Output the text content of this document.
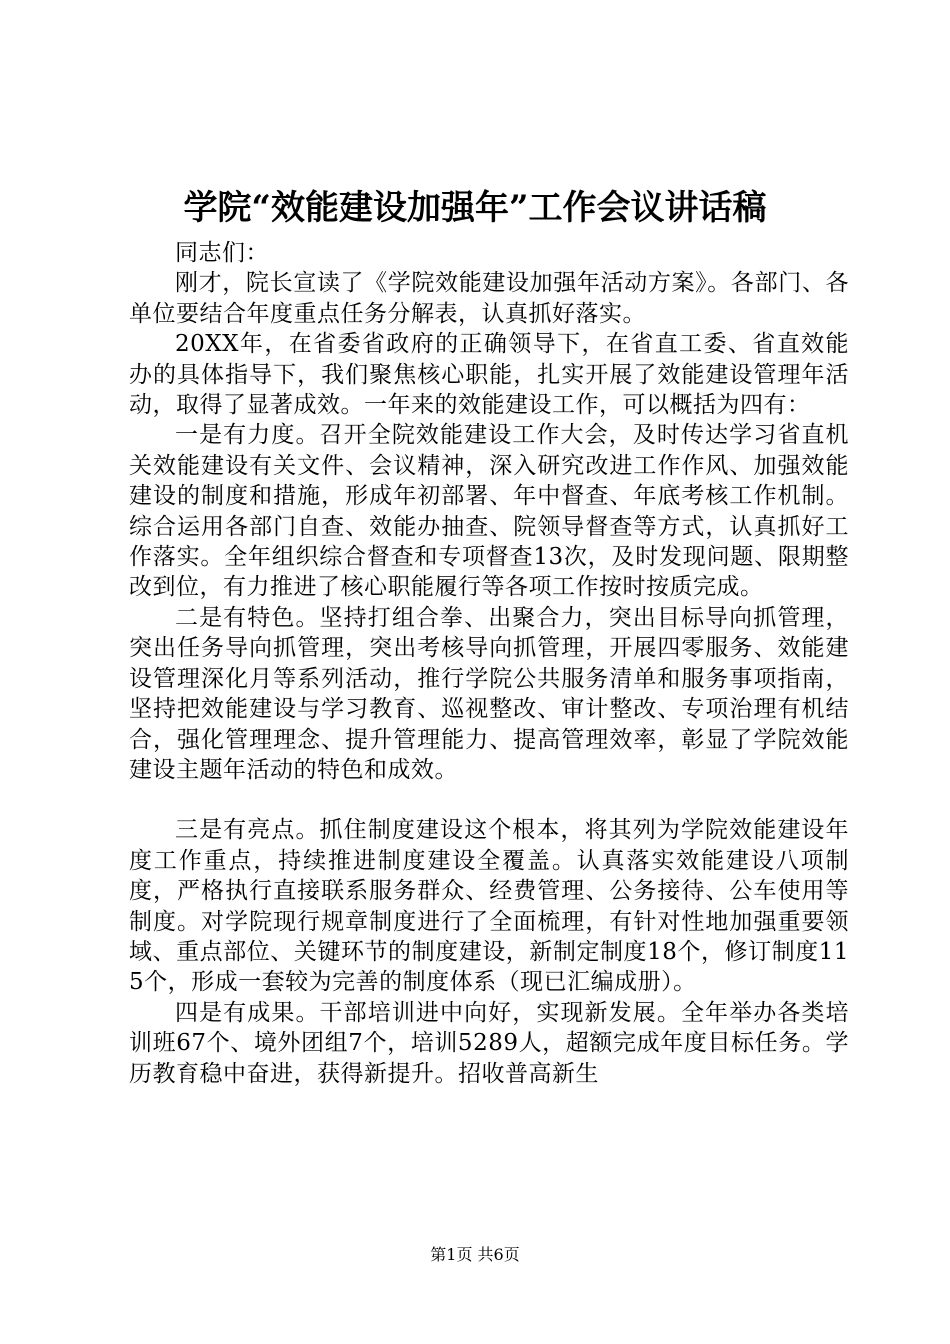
学院“效能建设加强年”工作会议讲话稿

同志们：

刚才，院长宣读了《学院效能建设加强年活动方案》。各部门、各单位要结合年度重点任务分解表，认真抓好落实。

20XX年，在省委省政府的正确领导下，在省直工委、省直效能办的具体指导下，我们聚焦核心职能，扎实开展了效能建设管理年活动，取得了显著成效。一年来的效能建设工作，可以概括为四有：

一是有力度。召开全院效能建设工作大会，及时传达学习省直机关效能建设有关文件、会议精神，深入研究改进工作作风、加强效能建设的制度和措施，形成年初部署、年中督查、年底考核工作机制。综合运用各部门自查、效能办抽查、院领导督查等方式，认真抓好工作落实。全年组织综合督查和专项督查13次，及时发现问题、限期整改到位，有力推进了核心职能履行等各项工作按时按质完成。

二是有特色。坚持打组合拳、出聚合力，突出目标导向抓管理，突出任务导向抓管理，突出考核导向抓管理，开展四零服务、效能建设管理深化月等系列活动，推行学院公共服务清单和服务事项指南，坚持把效能建设与学习教育、巡视整改、审计整改、专项治理有机结合，强化管理理念、提升管理能力、提高管理效率，彰显了学院效能建设主题年活动的特色和成效。

三是有亮点。抓住制度建设这个根本，将其列为学院效能建设年度工作重点，持续推进制度建设全覆盖。认真落实效能建设八项制度，严格执行直接联系服务群众、经费管理、公务接待、公车使用等制度。对学院现行规章制度进行了全面梳理，有针对性地加强重要领域、重点部位、关键环节的制度建设，新制定制度18个，修订制度115个，形成一套较为完善的制度体系（现已汇编成册）。

四是有成果。干部培训进中向好，实现新发展。全年举办各类培训班67个、境外团组7个，培训5289人，超额完成年度目标任务。学历教育稳中奋进，获得新提升。招收普高新生

第1页 共6页
